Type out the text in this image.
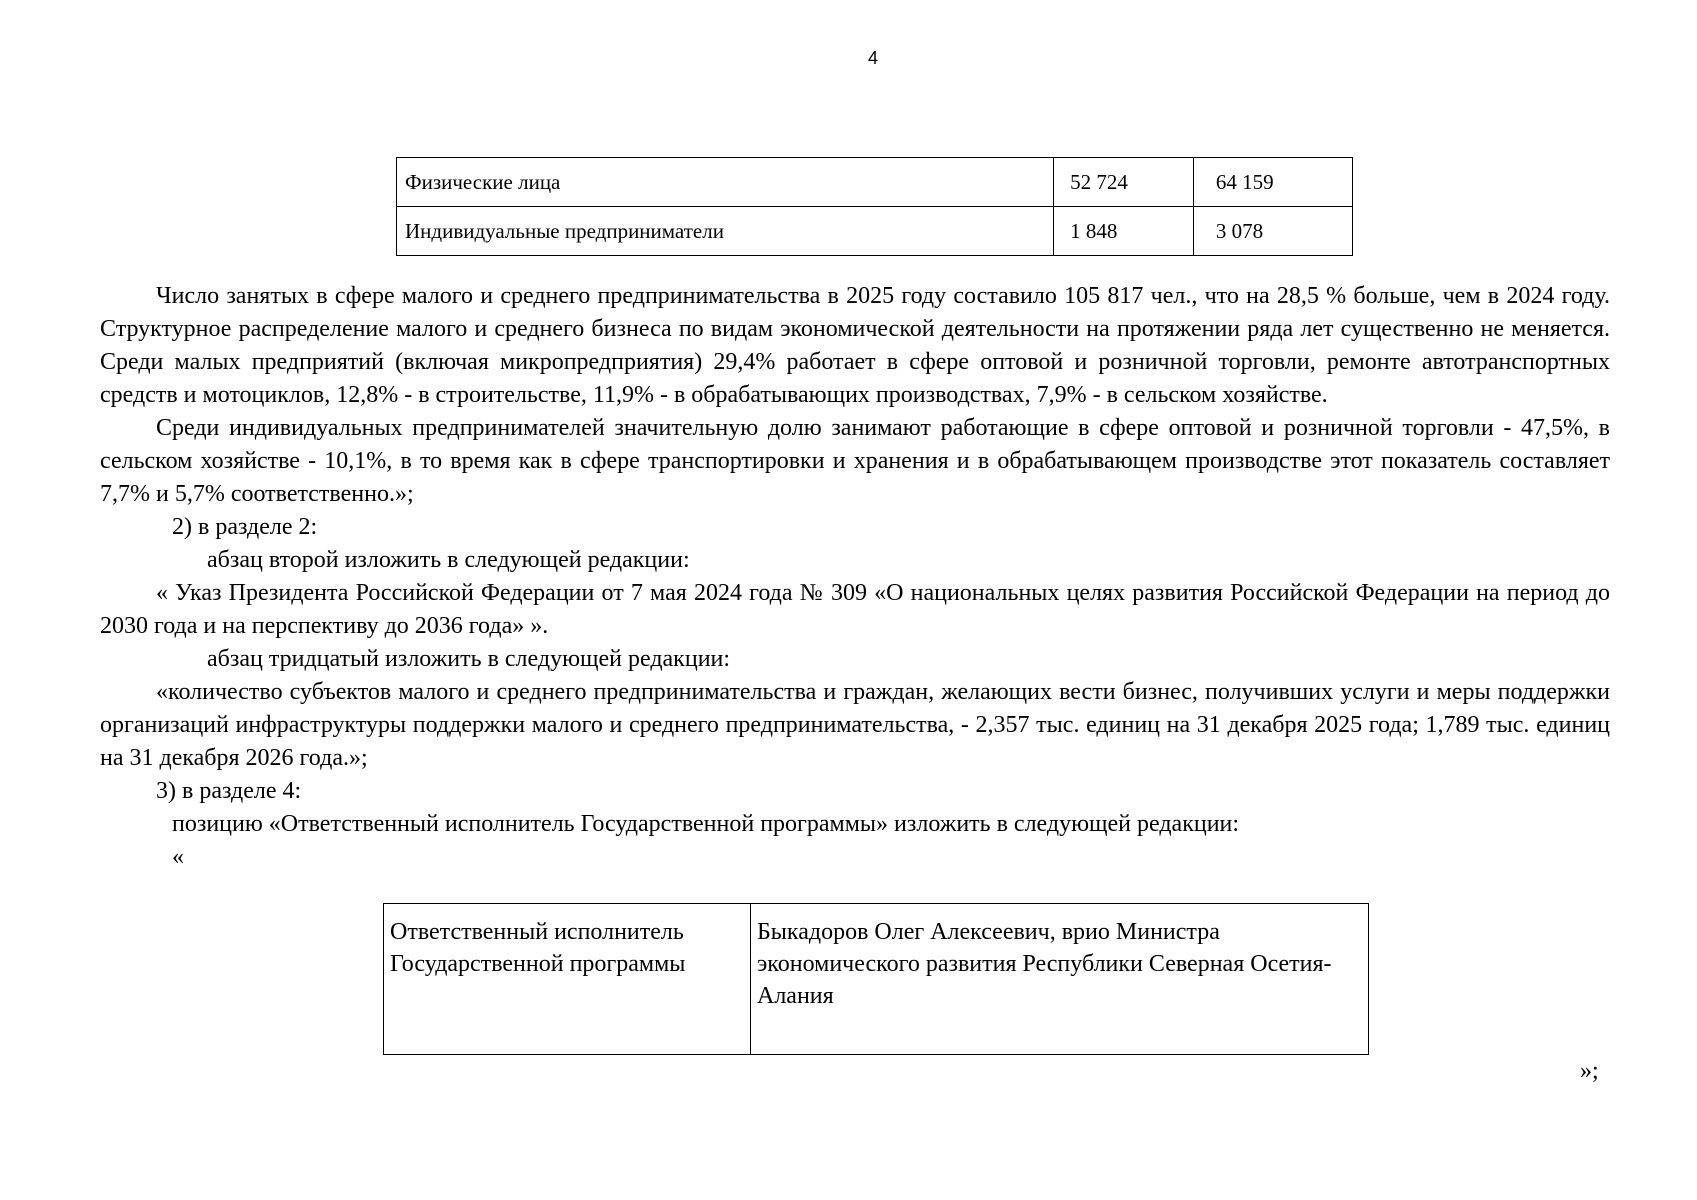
4
Физические лица	52 724	64 159
Индивидуальные предприниматели	1 848	3 078

Число занятых в сфере малого и среднего предпринимательства в 2025 году составило 105 817 чел., что на 28,5 % больше, чем в 2024 году. Структурное распределение малого и среднего бизнеса по видам экономической деятельности на протяжении ряда лет существенно не меняется. Среди малых предприятий (включая микропредприятия) 29,4% работает в сфере оптовой и розничной торговли, ремонте автотранспортных средств и мотоциклов, 12,8% - в строительстве, 11,9% - в обрабатывающих производствах, 7,9% - в сельском хозяйстве.

Среди индивидуальных предпринимателей значительную долю занимают работающие в сфере оптовой и розничной торговли - 47,5%, в сельском хозяйстве - 10,1%, в то время как в сфере транспортировки и хранения и в обрабатывающем производстве этот показатель составляет 7,7% и 5,7% соответственно.»;

2) в разделе 2:

абзац второй изложить в следующей редакции:

« Указ Президента Российской Федерации от 7 мая 2024 года № 309 «О национальных целях развития Российской Федерации на период до 2030 года и на перспективу до 2036 года» ».

абзац тридцатый изложить в следующей редакции:

«количество субъектов малого и среднего предпринимательства и граждан, желающих вести бизнес, получивших услуги и меры поддержки организаций инфраструктуры поддержки малого и среднего предпринимательства, - 2,357 тыс. единиц на 31 декабря 2025 года; 1,789 тыс. единиц на 31 декабря 2026 года.»;

3) в разделе 4:

позицию «Ответственный исполнитель Государственной программы» изложить в следующей редакции:

«

Ответственный исполнитель Государственной программы	Быкадоров Олег Алексеевич, врио Министра экономического развития Республики Северная Осетия-Алания
»;
